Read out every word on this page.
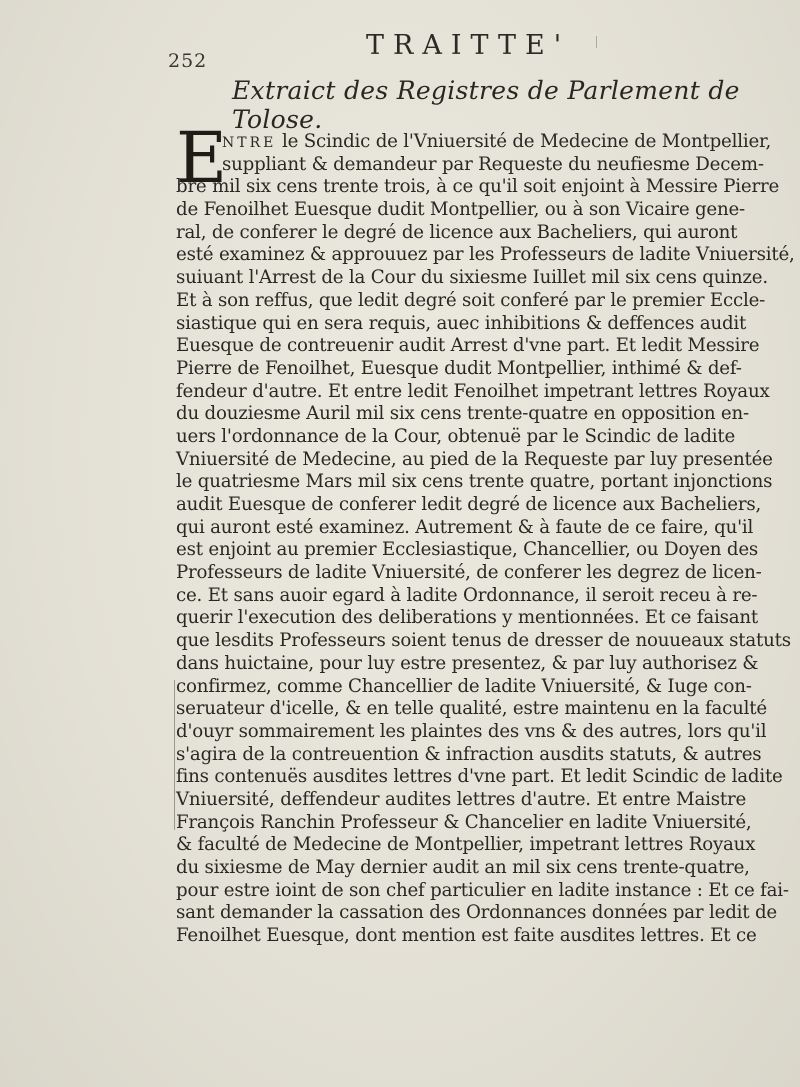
252	TRAITTE'
Extraict des Registres de Parlement de Tolose.
E
NTRE le Scindic de l'Vniuersité de Medecine de Montpellier,
suppliant & demandeur par Requeste du neufiesme Decem-
bre mil six cens trente trois, à ce qu'il soit enjoint à Messire Pierre
de Fenoilhet Euesque dudit Montpellier, ou à son Vicaire gene-
ral, de conferer le degré de licence aux Bacheliers, qui auront
esté examinez & approuuez par les Professeurs de ladite Vniuersité,
suiuant l'Arrest de la Cour du sixiesme Iuillet mil six cens quinze.
Et à son reffus, que ledit degré soit conferé par le premier Eccle-
siastique qui en sera requis, auec inhibitions & deffences audit
Euesque de contreuenir audit Arrest d'vne part. Et ledit Messire
Pierre de Fenoilhet, Euesque dudit Montpellier, inthimé & def-
fendeur d'autre. Et entre ledit Fenoilhet impetrant lettres Royaux
du douziesme Auril mil six cens trente-quatre en opposition en-
uers l'ordonnance de la Cour, obtenuë par le Scindic de ladite
Vniuersité de Medecine, au pied de la Requeste par luy presentée
le quatriesme Mars mil six cens trente quatre, portant injonctions
audit Euesque de conferer ledit degré de licence aux Bacheliers,
qui auront esté examinez. Autrement & à faute de ce faire, qu'il
est enjoint au premier Ecclesiastique, Chancellier, ou Doyen des
Professeurs de ladite Vniuersité, de conferer les degrez de licen-
ce. Et sans auoir egard à ladite Ordonnance, il seroit receu à re-
querir l'execution des deliberations y mentionnées. Et ce faisant
que lesdits Professeurs soient tenus de dresser de nouueaux statuts
dans huictaine, pour luy estre presentez, & par luy authorisez &
confirmez, comme Chancellier de ladite Vniuersité, & Iuge con-
seruateur d'icelle, & en telle qualité, estre maintenu en la faculté
d'ouyr sommairement les plaintes des vns & des autres, lors qu'il
s'agira de la contreuention & infraction ausdits statuts, & autres
fins contenuës ausdites lettres d'vne part. Et ledit Scindic de ladite
Vniuersité, deffendeur audites lettres d'autre. Et entre Maistre
François Ranchin Professeur & Chancelier en ladite Vniuersité,
& faculté de Medecine de Montpellier, impetrant lettres Royaux
du sixiesme de May dernier audit an mil six cens trente-quatre,
pour estre ioint de son chef particulier en ladite instance : Et ce fai-
sant demander la cassation des Ordonnances données par ledit de
Fenoilhet Euesque, dont mention est faite ausdites lettres. Et ce
